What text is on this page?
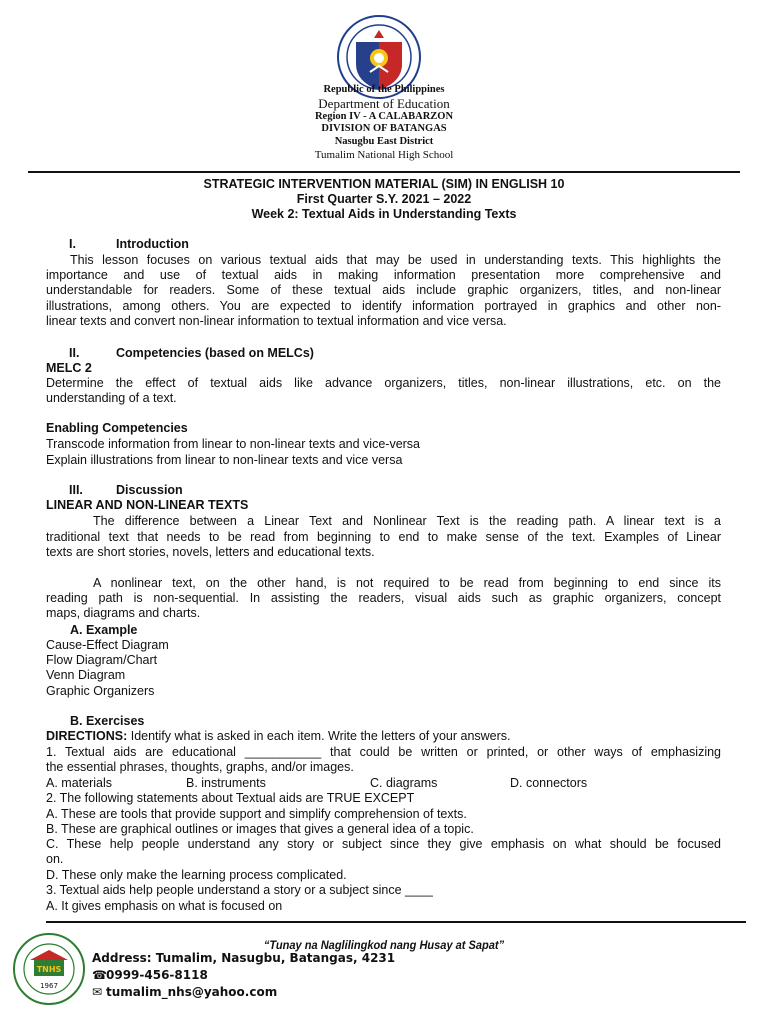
Republic of the Philippines
Department of Education
Region IV - A CALABARZON
DIVISION OF BATANGAS
Nasugbu East District
Tumalim National High School
STRATEGIC INTERVENTION MATERIAL (SIM) IN ENGLISH 10
First Quarter S.Y. 2021 – 2022
Week 2: Textual Aids in Understanding Texts
I.	Introduction
This lesson focuses on various textual aids that may be used in understanding texts. This highlights the
importance and use of textual aids in making information presentation more comprehensive and
understandable for readers. Some of these textual aids include graphic organizers, titles, and non-linear
illustrations, among others. You are expected to identify information portrayed in graphics and other non-
linear texts and convert non-linear information to textual information and vice versa.
II.	Competencies (based on MELCs)
MELC 2
Determine the effect of textual aids like advance organizers, titles, non-linear illustrations, etc. on the
understanding of a text.
Enabling Competencies
Transcode information from linear to non-linear texts and vice-versa
Explain illustrations from linear to non-linear texts and vice versa
III.	Discussion
LINEAR AND NON-LINEAR TEXTS
The difference between a Linear Text and Nonlinear Text is the reading path. A linear text is a
traditional text that needs to be read from beginning to end to make sense of the text. Examples of Linear
texts are short stories, novels, letters and educational texts.
A nonlinear text, on the other hand, is not required to be read from beginning to end since its
reading path is non-sequential. In assisting the readers, visual aids such as graphic organizers, concept
maps, diagrams and charts.
A. Example
Cause-Effect Diagram
Flow Diagram/Chart
Venn Diagram
Graphic Organizers
B. Exercises
DIRECTIONS: Identify what is asked in each item. Write the letters of your answers.
1. Textual aids are educational ___________ that could be written or printed, or other ways of emphasizing
the essential phrases, thoughts, graphs, and/or images.
A. materials	B. instruments	C. diagrams	D. connectors
2. The following statements about Textual aids are TRUE EXCEPT
A. These are tools that provide support and simplify comprehension of texts.
B. These are graphical outlines or images that gives a general idea of a topic.
C. These help people understand any story or subject since they give emphasis on what should be focused
on.
D. These only make the learning process complicated.
3. Textual aids help people understand a story or a subject since ____
A. It gives emphasis on what is focused on
TNHS
1967
“Tunay na Naglilingkod nang Husay at Sapat”
Address: Tumalim, Nasugbu, Batangas, 4231
☎0999-456-8118
✉ tumalim_nhs@yahoo.com
